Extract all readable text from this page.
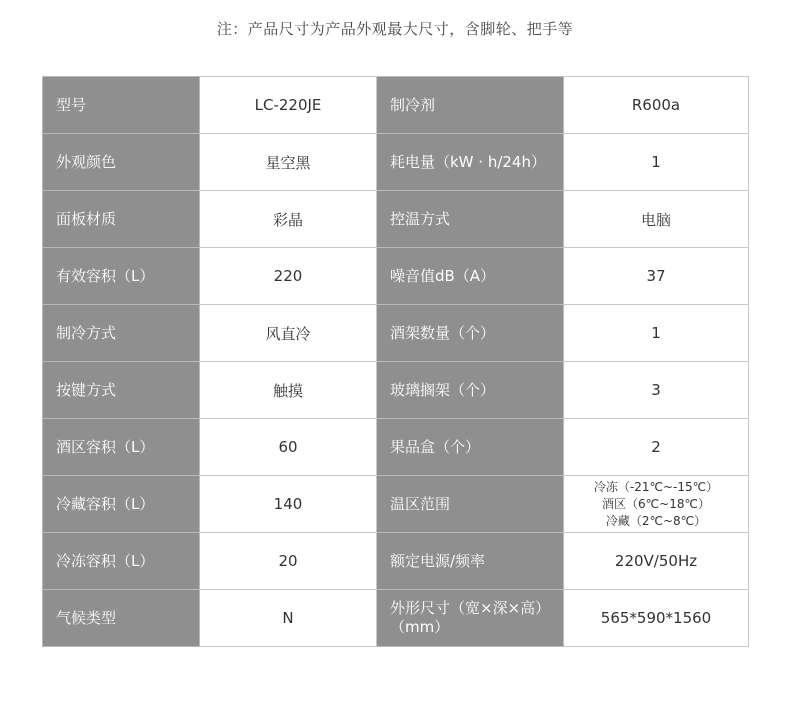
注：产品尺寸为产品外观最大尺寸，含脚轮、把手等
型号	LC-220JE	制冷剂	R600a
外观颜色	星空黑	耗电量（kW · h/24h）	1
面板材质	彩晶	控温方式	电脑
有效容积（L）	220	噪音值dB（A）	37
制冷方式	风直冷	酒架数量（个）	1
按键方式	触摸	玻璃搁架（个）	3
酒区容积（L）	60	果品盒（个）	2
冷藏容积（L）	140	温区范围	冷冻（-21℃~-15℃）
酒区（6℃~18℃）
冷藏（2℃~8℃）

冷冻容积（L）	20	额定电源/频率	220V/50Hz
气候类型	N	外形尺寸（宽×深×高）（mm）	565*590*1560
